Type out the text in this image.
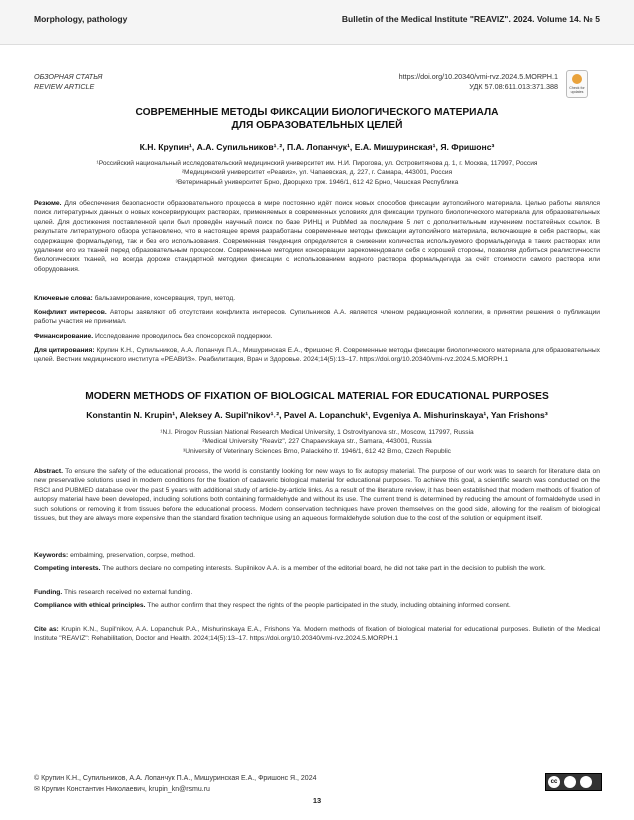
Morphology, pathology	Bulletin of the Medical Institute "REAVIZ". 2024. Volume 14. № 5
ОБЗОРНАЯ СТАТЬЯ
REVIEW ARTICLE
https://doi.org/10.20340/vmi-rvz.2024.5.MORPH.1
УДК 57.08:611.013:371.388	Check for updates
СОВРЕМЕННЫЕ МЕТОДЫ ФИКСАЦИИ БИОЛОГИЧЕСКОГО МАТЕРИАЛА
ДЛЯ ОБРАЗОВАТЕЛЬНЫХ ЦЕЛЕЙ
К.Н. Крупин¹, А.А. Супильников¹˒², П.А. Лопанчук¹, Е.А. Мишуринская¹, Я. Фришонс³
¹Российский национальный исследовательский медицинский университет им. Н.И. Пирогова, ул. Островитянова д. 1, г. Москва, 117997, Россия
²Медицинский университет «Реавиз», ул. Чапаевская, д. 227, г. Самара, 443001, Россия
³Ветеринарный университет Брно, Дворцехо трж. 1946/1, 612 42 Брно, Чешская Республика
Резюме. Для обеспечения безопасности образовательного процесса в мире постоянно идёт поиск новых способов фиксации аутопсийного материала. Целью работы являлся поиск литературных данных о новых консервирующих растворах, применяемых в современных условиях для фиксации трупного биологического материала для образовательных целей. Для достижения поставленной цели был проведён научный поиск по базе РИНЦ и PubMed за последние 5 лет с дополнительным изучением постатейных ссылок. В результате литературного обзора установлено, что в настоящее время разработаны современные методы фиксации аутопсийного материала, включающие в себя растворы, как содержащие формальдегид, так и без его использования. Современная тенденция определяется в снижении количества используемого формальдегида в таких растворах или удалении его из тканей перед образовательным процессом. Современные методики консервации зарекомендовали себя с хорошей стороны, позволяя добиться реалистичности биологических тканей, но всегда дороже стандартной методики фиксации с использованием водного раствора формальдегида за счёт стоимости самого раствора или оборудования.
Ключевые слова: бальзамирование, консервация, труп, метод.
Конфликт интересов. Авторы заявляют об отсутствии конфликта интересов. Супильников А.А. является членом редакционной коллегии, в принятии решения о публикации работы участия не принимал.
Финансирование. Исследование проводилось без спонсорской поддержки.
Для цитирования: Крупин К.Н., Супильников, А.А. Лопанчук П.А., Мишуринская Е.А., Фришонс Я. Современные методы фиксации биологического материала для образовательных целей. Вестник медицинского института «РЕАВИЗ». Реабилитация, Врач и Здоровье. 2024;14(5):13–17. https://doi.org/10.20340/vmi-rvz.2024.5.MORPH.1
MODERN METHODS OF FIXATION OF BIOLOGICAL MATERIAL FOR EDUCATIONAL PURPOSES
Konstantin N. Krupin¹, Aleksey A. Supil'nikov¹˒², Pavel A. Lopanchuk¹, Evgeniya A. Mishurinskaya¹, Yan Frishons³
¹N.I. Pirogov Russian National Research Medical University, 1 Ostrovityanova str., Moscow, 117997, Russia
²Medical University "Reaviz", 227 Chapaevskaya str., Samara, 443001, Russia
³University of Veterinary Sciences Brno, Palackého tř. 1946/1, 612 42 Brno, Czech Republic
Abstract. To ensure the safety of the educational process, the world is constantly looking for new ways to fix autopsy material. The purpose of our work was to search for literature data on new preservative solutions used in modern conditions for the fixation of cadaveric biological material for educational purposes. To achieve this goal, a scientific search was conducted on the RSCI and PUBMED database over the past 5 years with additional study of article-by-article links. As a result of the literature review, it has been established that modern methods of fixation of autopsy material have been developed, including solutions both containing formaldehyde and without its use. The current trend is determined by reducing the amount of formaldehyde used in such solutions or removing it from tissues before the educational process. Modern conservation techniques have proven themselves on the good side, allowing for the realism of biological tissues, but they are always more expensive than the standard fixation technique using an aqueous formaldehyde solution due to the cost of the solution or equipment itself.
Keywords: embalming, preservation, corpse, method.
Competing interests. The authors declare no competing interests. Supilnikov A.A. is a member of the editorial board, he did not take part in the decision to publish the work.
Funding. This research received no external funding.
Compliance with ethical principles. The author confirm that they respect the rights of the people participated in the study, including obtaining informed consent.
Cite as: Krupin K.N., Supil'nikov, A.A. Lopanchuk P.A., Mishurinskaya E.A., Frishons Ya. Modern methods of fixation of biological material for educational purposes. Bulletin of the Medical Institute "REAVIZ": Rehabilitation, Doctor and Health. 2024;14(5):13–17. https://doi.org/10.20340/vmi-rvz.2024.5.MORPH.1
© Крупин К.Н., Супильников, А.А. Лопанчук П.А., Мишуринская Е.А., Фришонс Я., 2024
✉ Крупин Константин Николаевич, krupin_kn@rsmu.ru
cc
13
